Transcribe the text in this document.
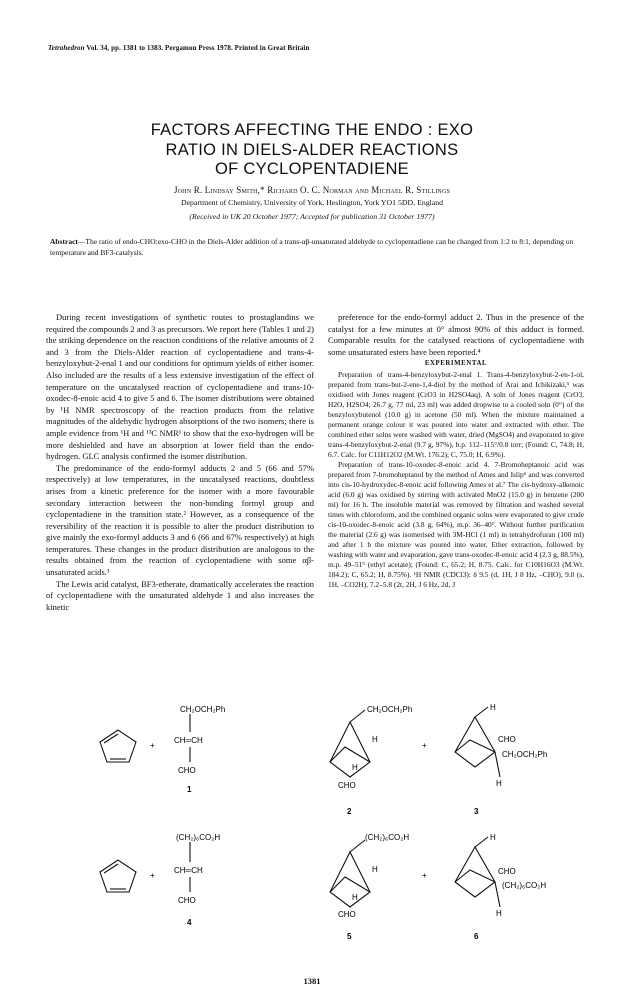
Tetrahedron Vol. 34, pp. 1381 to 1383. Pergamon Press 1978. Printed in Great Britain
FACTORS AFFECTING THE ENDO : EXO
RATIO IN DIELS-ALDER REACTIONS
OF CYCLOPENTADIENE
John R. Lindsay Smith,* Richard O. C. Norman and Michael R. Stillings
Department of Chemistry, University of York, Heslington, York YO1 5DD, England
(Received in UK 20 October 1977; Accepted for publication 31 October 1977)
Abstract—The ratio of endo-CHO:exo-CHO in the Diels-Alder addition of a trans-αβ-unsaturated aldehyde to cyclopentadiene can be changed from 1:2 to 8:1, depending on temperature and BF3-catalysis.

During recent investigations of synthetic routes to prostaglandins we required the compounds 2 and 3 as precursors. We report here (Tables 1 and 2) the striking dependence on the reaction conditions of the relative amounts of 2 and 3 from the Diels-Alder reaction of cyclopentadiene and trans-4-benzyloxybut-2-enal 1 and our conditions for optimum yields of either isomer. Also included are the results of a less extensive investigation of the effect of temperature on the uncatalysed reaction of cyclopentadiene and trans-10-oxodec-8-enoic acid 4 to give 5 and 6. The isomer distributions were obtained by ¹H NMR spectroscopy of the reaction products from the relative magnitudes of the aldehydic hydrogen absorptions of the two isomers; there is ample evidence from ¹H and ¹³C NMR¹ to show that the exo-hydrogen will be more deshielded and have an absorption at lower field than the endo-hydrogen. GLC analysis confirmed the isomer distribution.

The predominance of the endo-formyl adducts 2 and 5 (66 and 57% respectively) at low temperatures, in the uncatalysed reactions, doubtless arises from a kinetic preference for the isomer with a more favourable secondary interaction between the non-bonding formyl group and cyclopentadiene in the transition state.² However, as a consequence of the reversibility of the reaction it is possible to alter the product distribution to give mainly the exo-formyl adducts 3 and 6 (66 and 67% respectively) at high temperatures. These changes in the product distribution are analogous to the results obtained from the reaction of cyclopentadiene with some αβ-unsaturated acids.³

The Lewis acid catalyst, BF3-etherate, dramatically accelerates the reaction of cyclopentadiene with the unsaturated aldehyde 1 and also increases the kinetic

preference for the endo-formyl adduct 2. Thus in the presence of the catalyst for a few minutes at 0° almost 90% of this adduct is formed. Comparable results for the catalysed reactions of cyclopentadiene with some unsaturated esters have been reported.⁴

EXPERIMENTAL

Preparation of trans-4-benzyloxybut-2-enal 1. Trans-4-benzyloxybut-2-en-1-ol, prepared from trans-but-2-ene-1,4-diol by the method of Arai and Ichikizaki,⁵ was oxidised with Jones reagent (CrO3 in H2SO4aq). A soln of Jones reagent (CrO3, H2O, H2SO4; 26.7 g, 77 ml, 23 ml) was added dropwise to a cooled soln (0°) of the benzyloxybutenol (10.0 g) in acetone (50 ml). When the mixture maintained a permanent orange colour it was poured into water and extracted with ether. The combined ether solns were washed with water, dried (MgSO4) and evaporated to give trans-4-benzyloxybut-2-enal (9.7 g, 97%), b.p. 112–115°/0.8 torr; (Found: C, 74.8; H, 6.7. Calc. for C11H12O2 (M.Wt. 176.2); C, 75.0; H, 6.9%).

Preparation of trans-10-oxodec-8-enoic acid 4. 7-Bromoheptanoic acid was prepared from 7-bromoheptanol by the method of Ames and Islip⁶ and was converted into cis-10-hydroxydec-8-enoic acid following Ames et al.⁷ The cis-hydroxy-alkenoic acid (6.0 g) was oxidised by stirring with activated MnO2 (15.0 g) in benzene (200 ml) for 16 h. The insoluble material was removed by filtration and washed several times with chloroform, and the combined organic solns were evaporated to give crude cis-10-oxodec-8-enoic acid (3.8 g, 64%), m.p. 36–40°. Without further purification the material (2.6 g) was isomerised with 3M-HCl (1 ml) in tetrahydrofuran (100 ml) and after 1 h the mixture was poured into water. Ether extraction, followed by washing with water and evaporation, gave trans-oxodec-8-enoic acid 4 (2.3 g, 88.5%), m.p. 49–51° (ethyl acetate); (Found: C, 65.2; H, 8.75. Calc. for C10H16O3 (M.Wt. 184.2); C, 65.2; H, 8.75%). ¹H NMR (CDCl3): δ 9.5 (d, 1H, J 8 Hz, –CHO), 9.0 (s, 1H, –CO2H), 7.2–5.8 (2t, 2H, J 6 Hz, 2d, J

+
CH₂OCH₂Ph
CH═CH
CHO
1
CH₂OCH₂Ph
H
H
CHO
2
+
H
CHO
CH₂OCH₂Ph
H
3
+
(CH₂)₆CO₂H
CH═CH
CHO
4
(CH₂)₆CO₂H
H
H
CHO
5
+
H
CHO
(CH₂)₆CO₂H
H
6
1381
